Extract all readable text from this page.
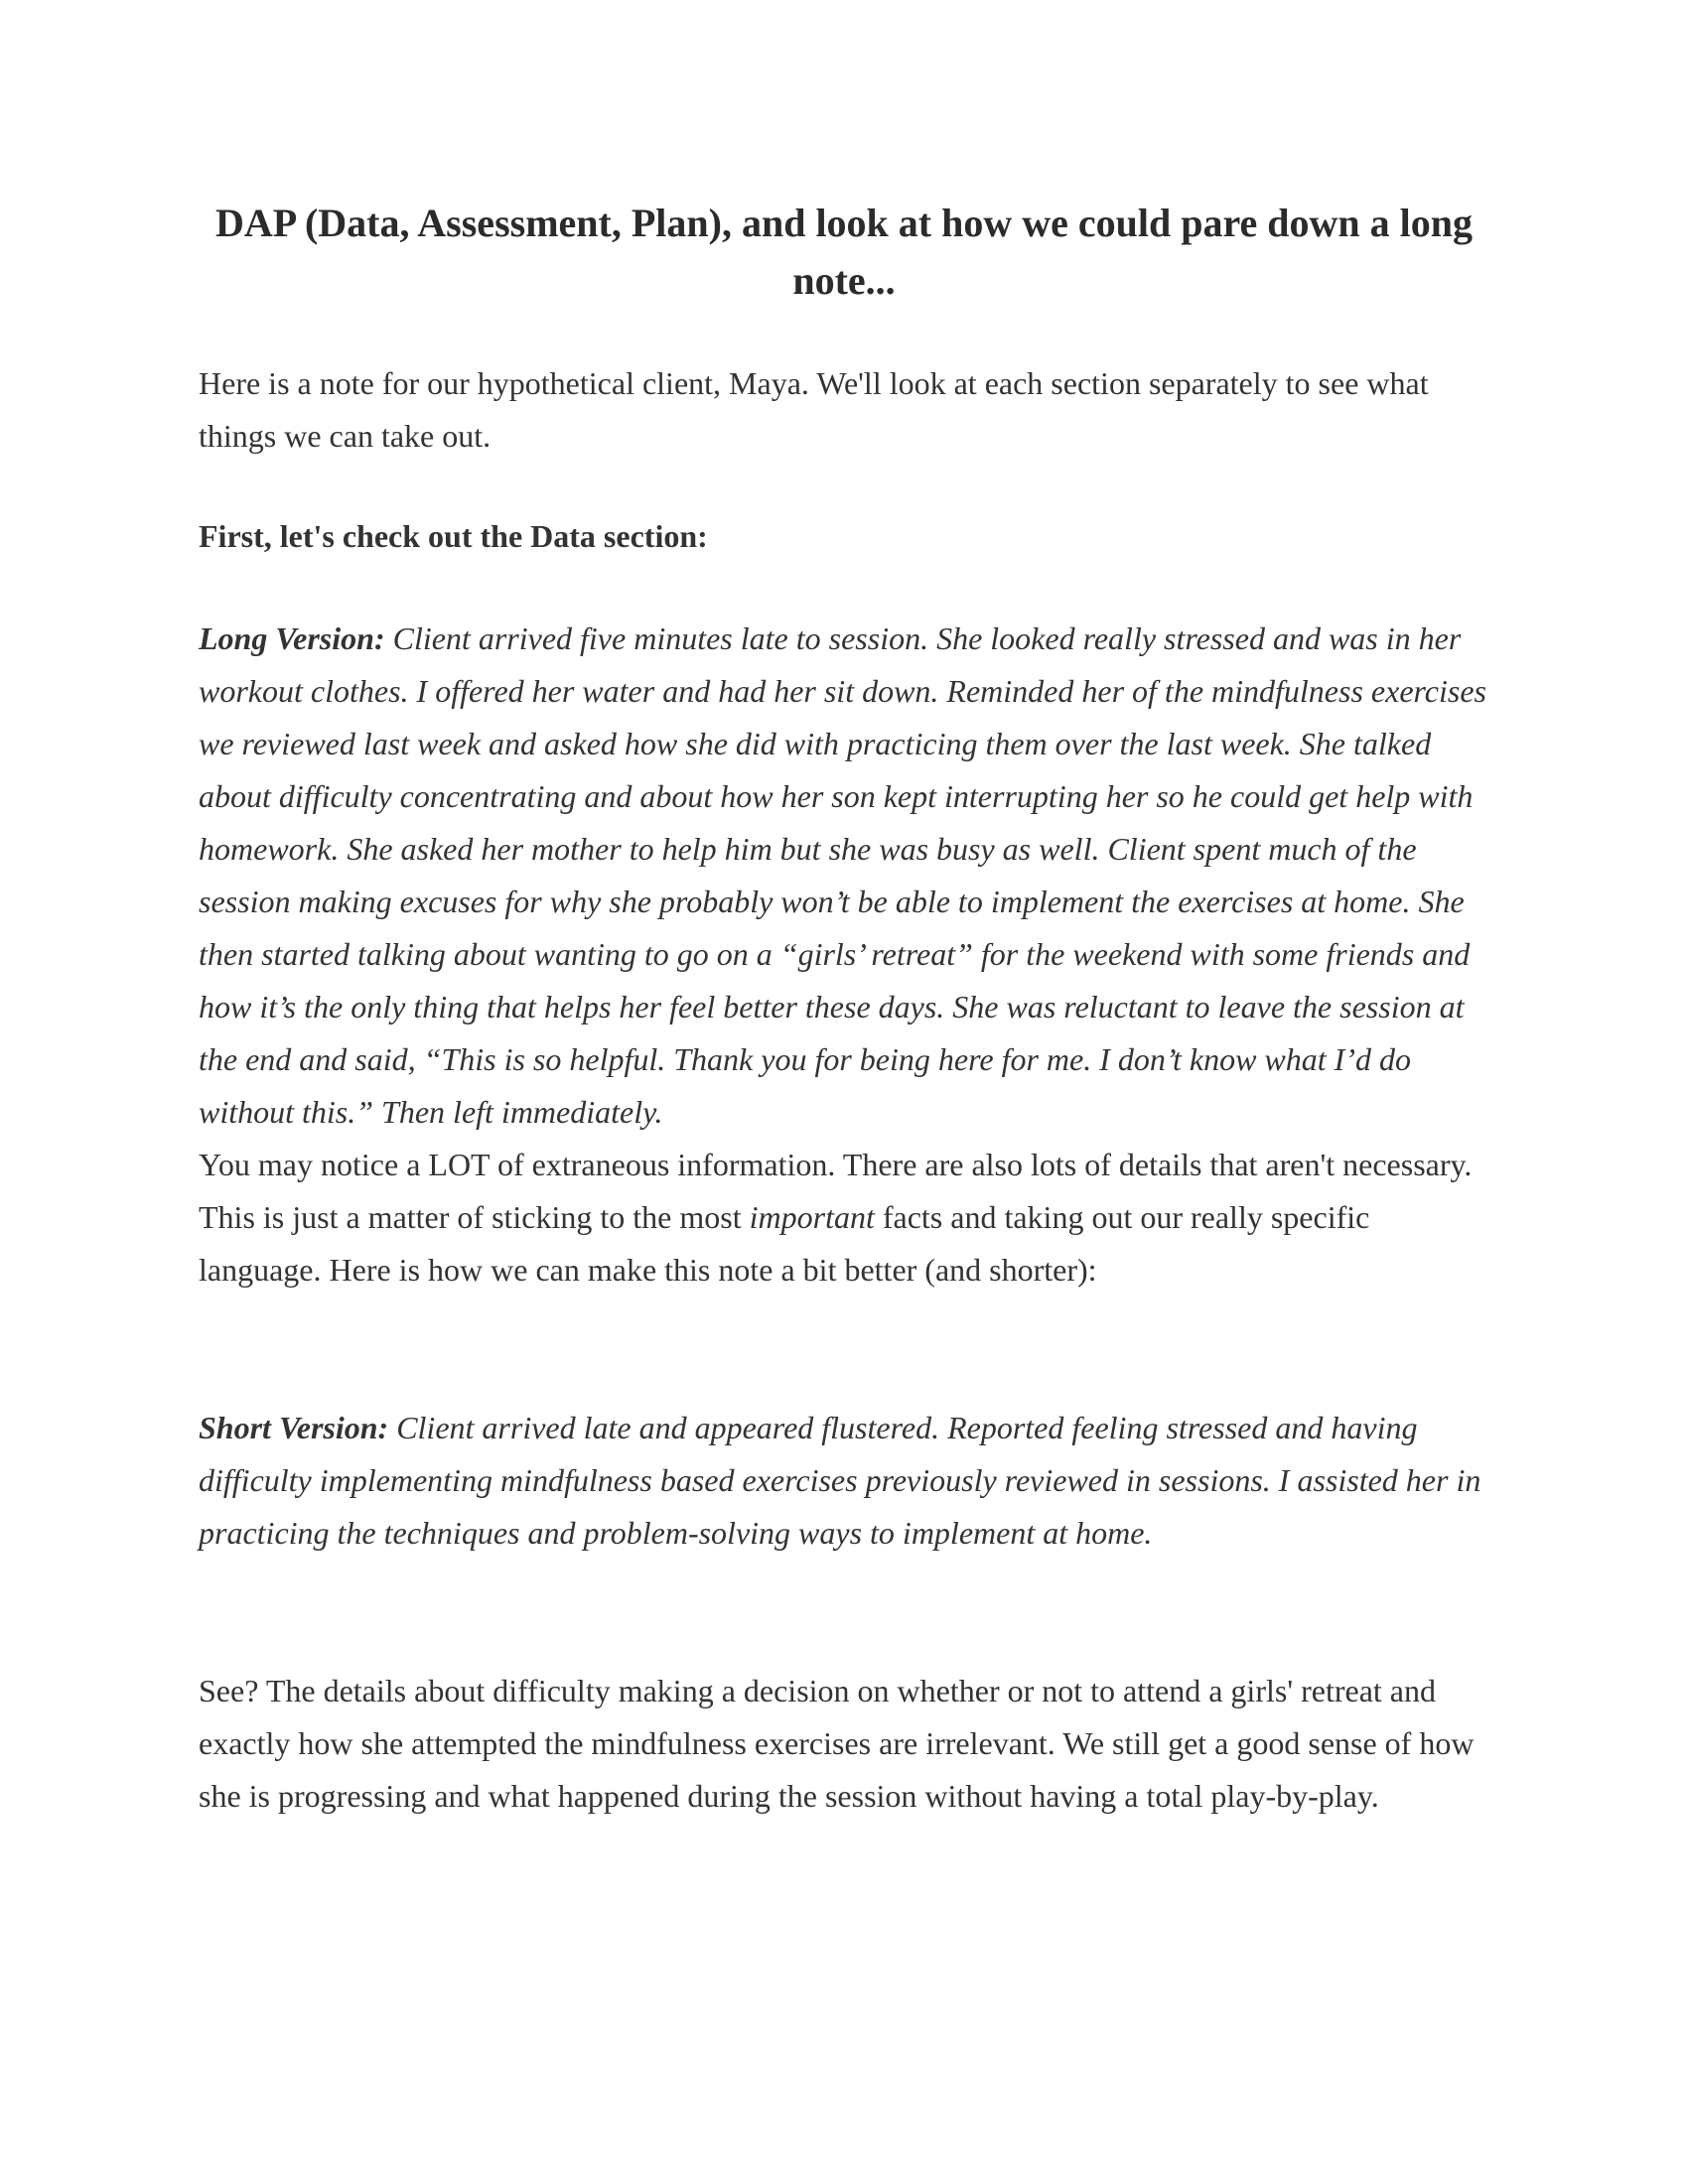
DAP (Data, Assessment, Plan), and look at how we could pare down a long note...

Here is a note for our hypothetical client, Maya. We'll look at each section separately to see what things we can take out.

First, let's check out the Data section:

Long Version: Client arrived five minutes late to session. She looked really stressed and was in her workout clothes. I offered her water and had her sit down. Reminded her of the mindfulness exercises we reviewed last week and asked how she did with practicing them over the last week. She talked about difficulty concentrating and about how her son kept interrupting her so he could get help with homework. She asked her mother to help him but she was busy as well. Client spent much of the session making excuses for why she probably won’t be able to implement the exercises at home. She then started talking about wanting to go on a “girls’ retreat” for the weekend with some friends and how it’s the only thing that helps her feel better these days. She was reluctant to leave the session at the end and said, “This is so helpful. Thank you for being here for me. I don’t know what I’d do without this.” Then left immediately.

You may notice a LOT of extraneous information. There are also lots of details that aren't necessary. This is just a matter of sticking to the most important facts and taking out our really specific language. Here is how we can make this note a bit better (and shorter):

Short Version: Client arrived late and appeared flustered. Reported feeling stressed and having difficulty implementing mindfulness based exercises previously reviewed in sessions. I assisted her in practicing the techniques and problem-solving ways to implement at home.

See? The details about difficulty making a decision on whether or not to attend a girls' retreat and exactly how she attempted the mindfulness exercises are irrelevant. We still get a good sense of how she is progressing and what happened during the session without having a total play-by-play.
